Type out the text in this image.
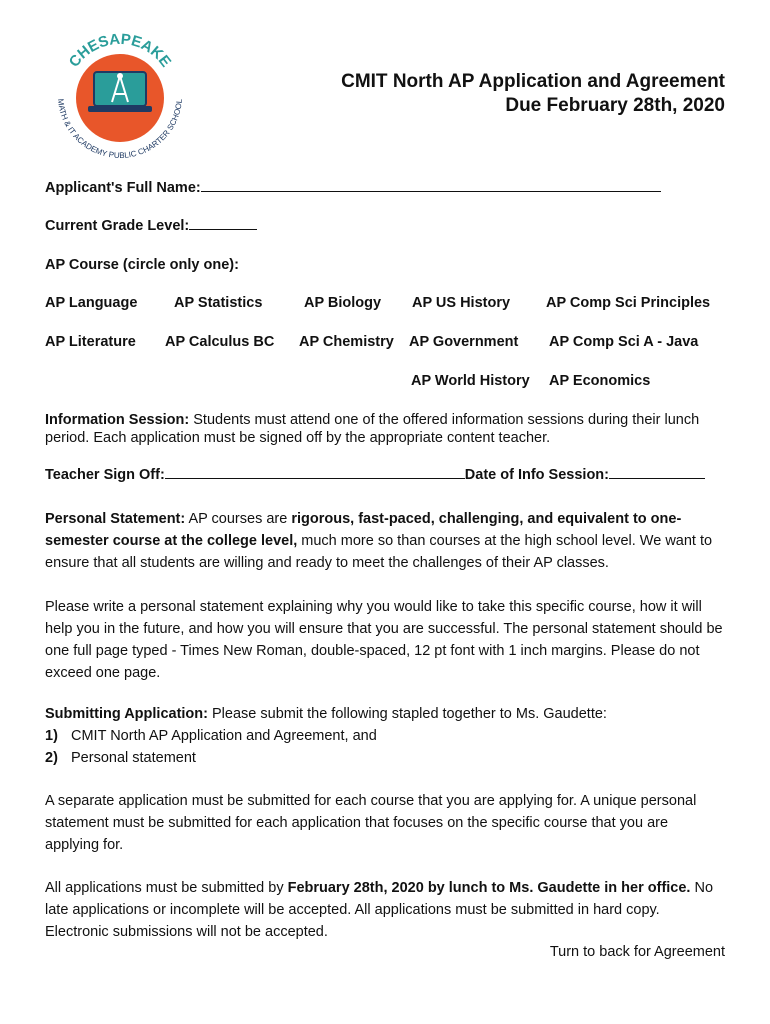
CHESAPEAKE
MATH & IT ACADEMY PUBLIC CHARTER SCHOOL
CMIT North AP Application and Agreement
Due February 28th, 2020
Applicant's Full Name:
Current Grade Level:
AP Course (circle only one):
AP Language	AP Statistics	AP Biology AP US History AP Comp Sci Principles
AP Literature AP Calculus BC AP Chemistry AP Government AP Comp Sci A - Java
AP World History AP Economics
Information Session: Students must attend one of the offered information sessions during their lunch period. Each application must be signed off by the appropriate content teacher.
Teacher Sign Off:	Date of Info Session:
Personal Statement: AP courses are rigorous, fast-paced, challenging, and equivalent to one-semester course at the college level, much more so than courses at the high school level. We want to ensure that all students are willing and ready to meet the challenges of their AP classes.
Please write a personal statement explaining why you would like to take this specific course, how it will help you in the future, and how you will ensure that you are successful. The personal statement should be one full page typed - Times New Roman, double-spaced, 12 pt font with 1 inch margins. Please do not exceed one page.
Submitting Application: Please submit the following stapled together to Ms. Gaudette:
1) CMIT North AP Application and Agreement, and
2) Personal statement
A separate application must be submitted for each course that you are applying for. A unique personal statement must be submitted for each application that focuses on the specific course that you are applying for.
All applications must be submitted by February 28th, 2020 by lunch to Ms. Gaudette in her office. No late applications or incomplete will be accepted. All applications must be submitted in hard copy. Electronic submissions will not be accepted.
Turn to back for Agreement
